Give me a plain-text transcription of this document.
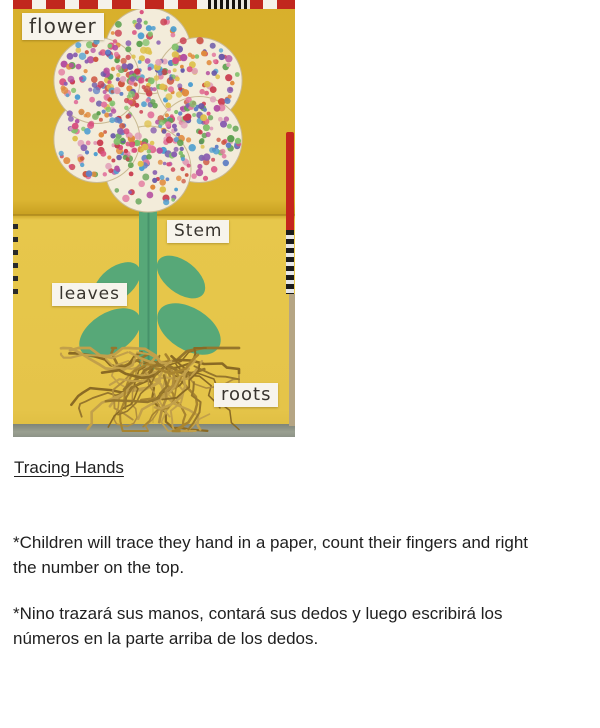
flower
Stem
leaves
roots
Tracing Hands

*Children will trace they hand in a paper, count their fingers and right
the number on the top.

*Nino trazará sus manos, contará sus dedos y luego escribirá los
números en la parte arriba de los dedos.
